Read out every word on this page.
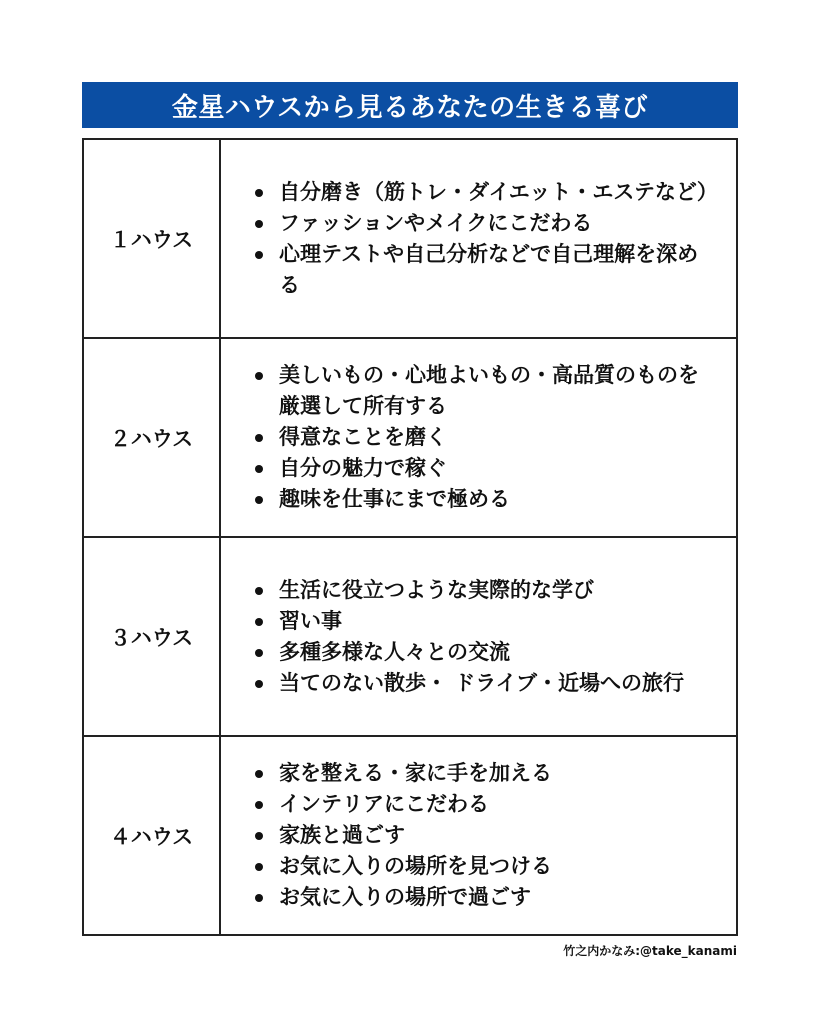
金星ハウスから見るあなたの生きる喜び
１ハウス
自分磨き（筋トレ・ダイエット・エステなど）
ファッションやメイクにこだわる
心理テストや自己分析などで自己理解を深める
２ハウス
美しいもの・心地よいもの・高品質のものを厳選して所有する
得意なことを磨く
自分の魅力で稼ぐ
趣味を仕事にまで極める
３ハウス
生活に役立つような実際的な学び
習い事
多種多様な人々との交流
当てのない散歩・ ドライブ・近場への旅行
４ハウス
家を整える・家に手を加える
インテリアにこだわる
家族と過ごす
お気に入りの場所を見つける
お気に入りの場所で過ごす
竹之内かなみ:@take_kanami
